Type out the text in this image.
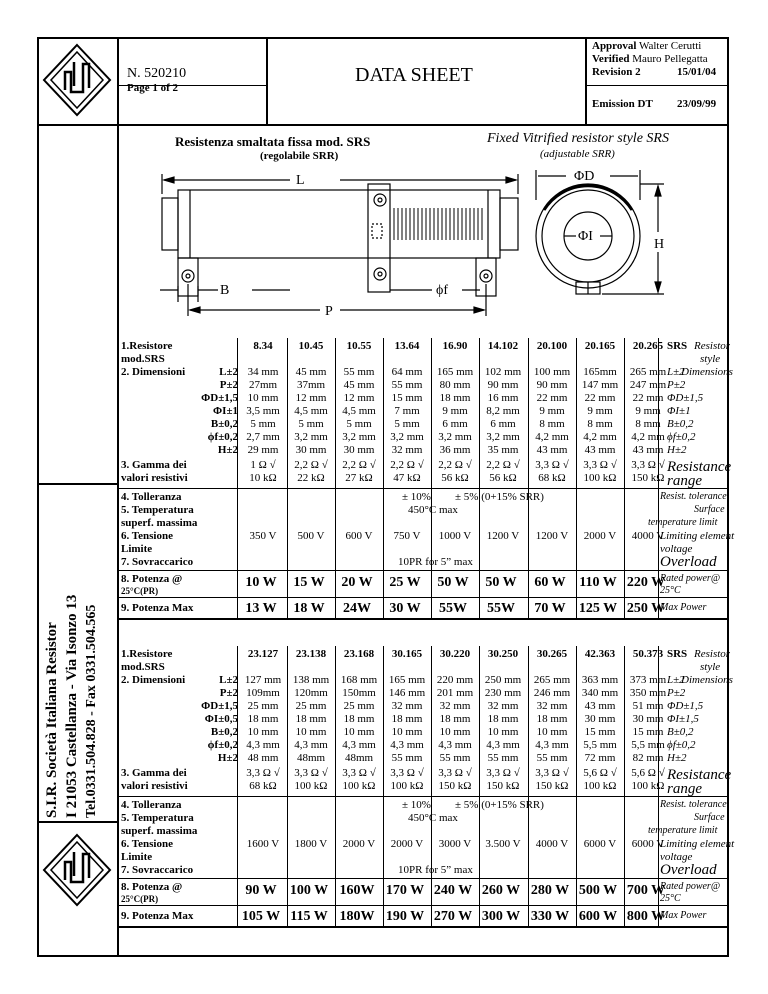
S.I.R. Società Italiana Resistor I 21053 Castellanza - Via Isonzo 13 Tel.0331.504.828 - Fax 0331.504.565
N. 520210
Page 1 of 2
DATA SHEET
Approval Walter Cerutti
Verified Mauro Pellegatta
Revision 2	15/01/04
Emission DT 23/09/99
Resistenza smaltata fissa mod. SRS
(regolabile SRR)
Fixed Vitrified resistor style SRS
(adjustable SRR)
L
B	ϕf
P
ΦD
ΦI
H
1.Resistore
mod.SRS
8.34	10.45	10.55	13.64	16.90	14.102	20.100	20.165	20.265 SRS Resistor
style
2. Dimensioni	L±2 34 mm	45 mm	55 mm	64 mm	165 mm	102 mm	100 mm	165mm	265 mm L±2
P±2 27mm	37mm	45 mm	55 mm	80 mm	90 mm	90 mm	147 mm	247 mm P±2
ΦD±1,5 10 mm	12 mm	12 mm	15 mm	18 mm	16 mm	22 mm	22 mm	22 mm ΦD±1,5
ΦI±1 3,5 mm	4,5 mm	4,5 mm	7 mm	9 mm	8,2 mm	9 mm	9 mm	9 mm ΦI±1
B±0,2	5 mm	5 mm	5 mm	5 mm	6 mm	6 mm	8 mm	8 mm	8 mm B±0,2
ϕf±0,2 2,7 mm	3,2 mm	3,2 mm	3,2 mm	3,2 mm	3,2 mm	4,2 mm	4,2 mm	4,2 mm ϕf±0,2
H±2 29 mm	30 mm	30 mm	32 mm	36 mm	35 mm	43 mm	43 mm	43 mm H±2
Dimensions
3. Gamma dei
valori resistivi
1 Ω √	2,2 Ω √	2,2 Ω √	2,2 Ω √	2,2 Ω √	2,2 Ω √	3,3 Ω √	3,3 Ω √	3,3 Ω √
10 kΩ	22 kΩ	27 kΩ	47 kΩ	56 kΩ	56 kΩ	68 kΩ	100 kΩ	150 kΩ
Resistance
range
4. Tolleranza	± 10% ± 5% (0+15% SRR)	Resist. tolerance
5. Temperatura
superf. massima
450°C max	Surface
temperature limit
6. Tensione
Limite
350 V	500 V	600 V	750 V	1000 V	1200 V	1200 V	2000 V	4000 V
Limiting element
voltage
7. Sovraccarico	10PR for 5” max	Overload
8. Potenza @
25°C(PR)
10 W	15 W	20 W	25 W	50 W	50 W	60 W 110 W 220 W
Rated power@
25°C
9. Potenza Max	13 W	18 W	24W	30 W	55W	55W	70 W 125 W 250 W
Max Power
1.Resistore
mod.SRS
23.127	23.138	23.168	30.165	30.220	30.250	30.265	42.363	50.373 SRS Resistor
style
2. Dimensioni	L±2 127 mm	138 mm	168 mm	165 mm	220 mm	250 mm	265 mm	363 mm	373 mm L±2
P±2 109mm	120mm	150mm	146 mm	201 mm	230 mm	246 mm	340 mm	350 mm P±2
ΦD±1,5 25 mm	25 mm	25 mm	32 mm	32 mm	32 mm	32 mm	43 mm	51 mm ΦD±1,5
ΦI±0,5 18 mm	18 mm	18 mm	18 mm	18 mm	18 mm	18 mm	30 mm	30 mm ΦI±1,5
B±0,2 10 mm	10 mm	10 mm	10 mm	10 mm	10 mm	10 mm	15 mm	15 mm B±0,2
ϕf±0,2 4,3 mm	4,3 mm	4,3 mm	4,3 mm	4,3 mm	4,3 mm	4,3 mm	5,5 mm	5,5 mm ϕf±0,2
H±2 48 mm	48mm	48mm	55 mm	55 mm	55 mm	55 mm	72 mm	82 mm H±2
Dimensions
3. Gamma dei
valori resistivi
3,3 Ω √	3,3 Ω √	3,3 Ω √	3,3 Ω √	3,3 Ω √	3,3 Ω √	3,3 Ω √	5,6 Ω √	5,6 Ω √
68 kΩ	100 kΩ	100 kΩ	100 kΩ	150 kΩ	150 kΩ	150 kΩ	100 kΩ	100 kΩ
Resistance
range
4. Tolleranza	± 10% ± 5% (0+15% SRR)	Resist. tolerance
5. Temperatura
superf. massima
450°C max	Surface
temperature limit
6. Tensione
Limite
1600 V	1800 V	2000 V	2000 V	3000 V	3.500 V	4000 V	6000 V	6000 V
Limiting element
voltage
7. Sovraccarico	10PR for 5” max	Overload
8. Potenza @
25°C(PR)
90 W 100 W 160W 170 W 240 W 260 W 280 W 500 W 700 W
Rated power@
25°C
9. Potenza Max	105 W 115 W 180W 190 W 270 W 300 W 330 W 600 W 800 W
Max Power
